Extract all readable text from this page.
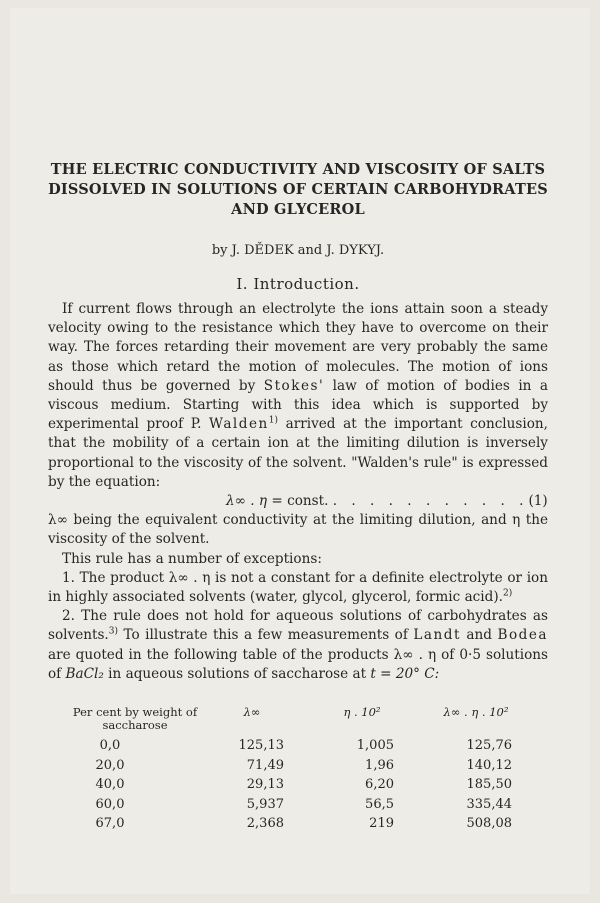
THE ELECTRIC CONDUCTIVITY AND VISCOSITY OF SALTS DISSOLVED IN SOLUTIONS OF CERTAIN CARBOHYDRATES AND GLYCEROL
by J. DĚDEK and J. DYKYJ.
I. Introduction.

If current flows through an electrolyte the ions attain soon a steady velocity owing to the resistance which they have to overcome on their way. The forces retarding their movement are very probably the same as those which retard the motion of molecules. The motion of ions should thus be governed by Stokes' law of motion of bodies in a viscous medium. Starting with this idea which is supported by experimental proof P. Walden$^{1)}$ arrived at the important conclusion, that the mobility of a certain ion at the limiting dilution is inversely proportional to the viscosity of the solvent. "Walden's rule" is expressed by the equation:

λ∞ . η = const. . . . . . . . . . . .(1)

λ∞ being the equivalent conductivity at the limiting dilution, and η the viscosity of the solvent.

This rule has a number of exceptions:

1. The product λ∞ . η is not a constant for a definite electrolyte or ion in highly associated solvents (water, glycol, glycerol, formic acid).$^{2)}$

2. The rule does not hold for aqueous solutions of carbohydrates as solvents.$^{3)}$ To illustrate this a few measurements of Landt and Bodea are quoted in the following table of the products λ∞ . η of 0·5 solutions of BaCl₂ in aqueous solutions of saccharose at t = 20° C:

Per cent by weight of saccharose
λ∞	η . 10²	λ∞ . η . 10²
0,0	125,13	1,005	125,76
20,0	71,49	1,96	140,12
40,0	29,13	6,20	185,50
60,0	5,937	56,5	335,44
67,0	2,368	219	508,08
